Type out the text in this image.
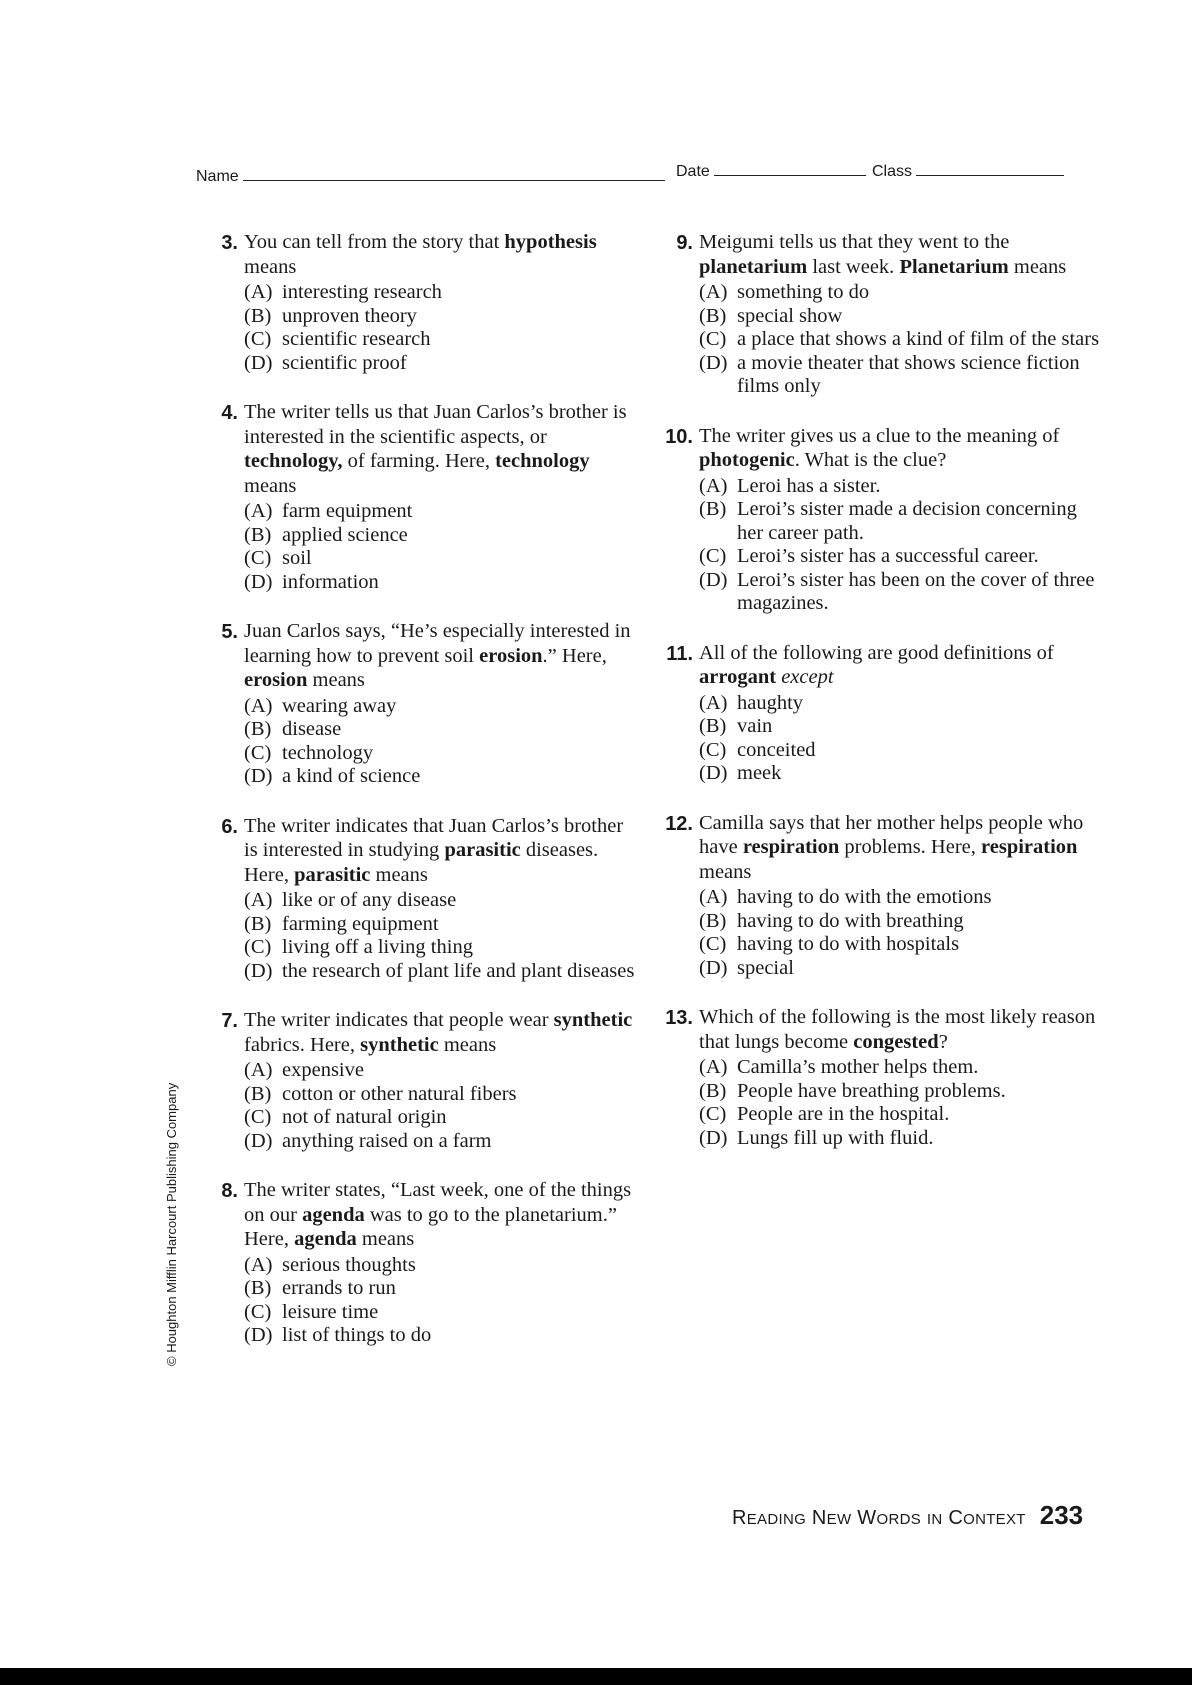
Name	Date	Class
© Houghton Mifflin Harcourt Publishing Company
3. You can tell from the story that hypothesis means
(A) interesting research
(B) unproven theory
(C) scientific research
(D) scientific proof
4. The writer tells us that Juan Carlos’s brother is interested in the scientific aspects, or technology, of farming. Here, technology means
(A) farm equipment
(B) applied science
(C) soil
(D) information
5. Juan Carlos says, “He’s especially interested in learning how to prevent soil erosion.” Here, erosion means
(A) wearing away
(B) disease
(C) technology
(D) a kind of science
6. The writer indicates that Juan Carlos’s brother is interested in studying parasitic diseases. Here, parasitic means
(A) like or of any disease
(B) farming equipment
(C) living off a living thing
(D) the research of plant life and plant diseases
7. The writer indicates that people wear synthetic fabrics. Here, synthetic means
(A) expensive
(B) cotton or other natural fibers
(C) not of natural origin
(D) anything raised on a farm
8. The writer states, “Last week, one of the things on our agenda was to go to the planetarium.” Here, agenda means
(A) serious thoughts
(B) errands to run
(C) leisure time
(D) list of things to do
9. Meigumi tells us that they went to the planetarium last week. Planetarium means
(A) something to do
(B) special show
(C) a place that shows a kind of film of the stars
(D) a movie theater that shows science fiction films only
10. The writer gives us a clue to the meaning of photogenic. What is the clue?
(A) Leroi has a sister.
(B) Leroi’s sister made a decision concerning her career path.
(C) Leroi’s sister has a successful career.
(D) Leroi’s sister has been on the cover of three magazines.
11. All of the following are good definitions of arrogant except
(A) haughty
(B) vain
(C) conceited
(D) meek
12. Camilla says that her mother helps people who have respiration problems. Here, respiration means
(A) having to do with the emotions
(B) having to do with breathing
(C) having to do with hospitals
(D) special
13. Which of the following is the most likely reason that lungs become congested?
(A) Camilla’s mother helps them.
(B) People have breathing problems.
(C) People are in the hospital.
(D) Lungs fill up with fluid.
READING NEW WORDS IN CONTEXT 233
